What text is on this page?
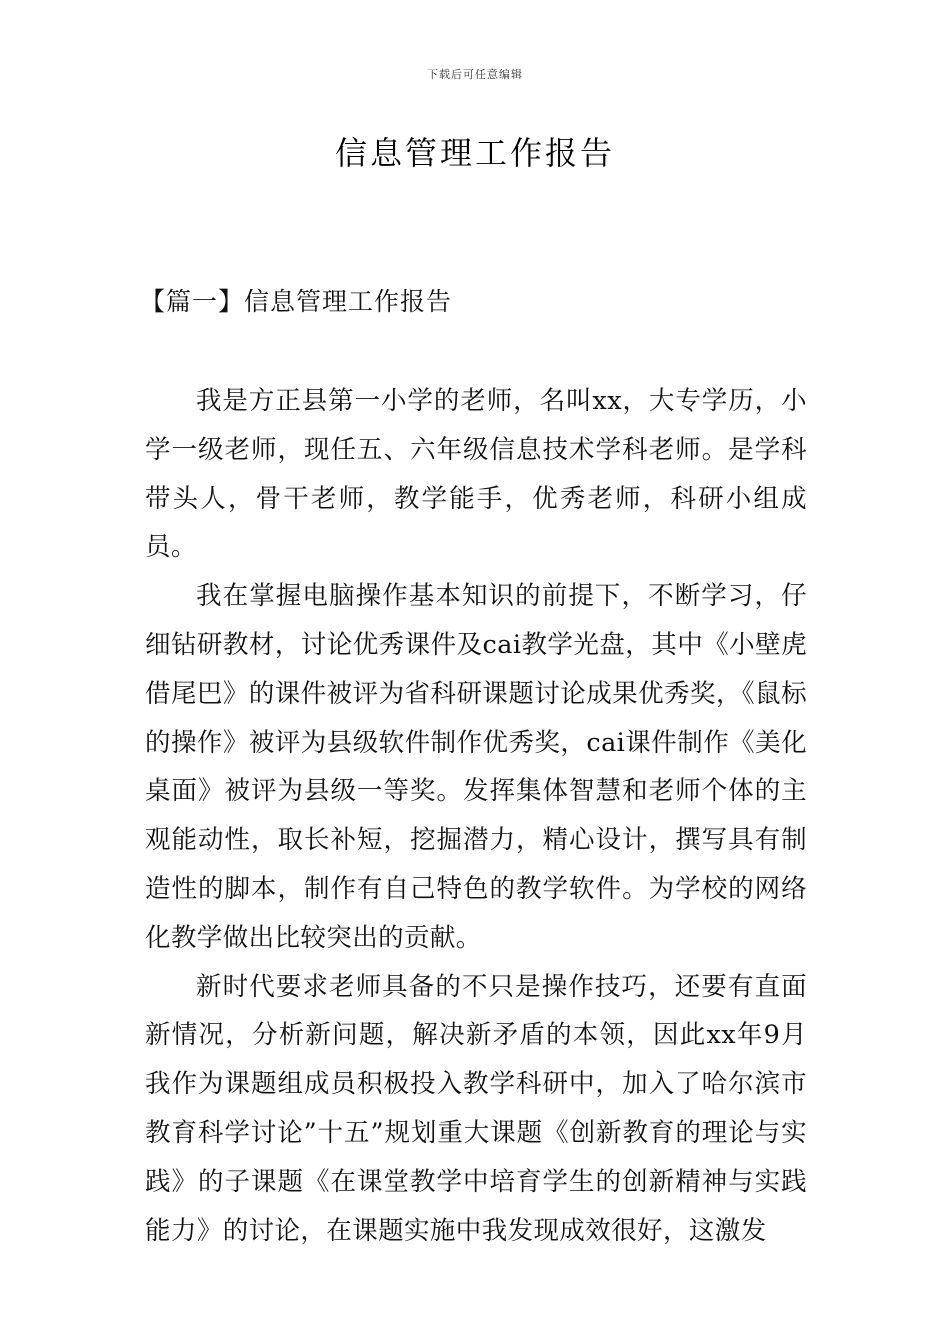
下载后可任意编辑
信息管理工作报告
【篇一】信息管理工作报告

我是方正县第一小学的老师，名叫xx，大专学历，小学一级老师，现任五、六年级信息技术学科老师。是学科带头人，骨干老师，教学能手，优秀老师，科研小组成员。

我在掌握电脑操作基本知识的前提下，不断学习，仔细钻研教材，讨论优秀课件及cai教学光盘，其中《小壁虎借尾巴》的课件被评为省科研课题讨论成果优秀奖，《鼠标的操作》被评为县级软件制作优秀奖，cai课件制作《美化桌面》被评为县级一等奖。发挥集体智慧和老师个体的主观能动性，取长补短，挖掘潜力，精心设计，撰写具有制造性的脚本，制作有自己特色的教学软件。为学校的网络化教学做出比较突出的贡献。

新时代要求老师具备的不只是操作技巧，还要有直面新情况，分析新问题，解决新矛盾的本领，因此xx年9月我作为课题组成员积极投入教学科研中，加入了哈尔滨市教育科学讨论”十五”规划重大课题《创新教育的理论与实践》的子课题《在课堂教学中培育学生的创新精神与实践能力》的讨论，在课题实施中我发现成效很好，这激发
